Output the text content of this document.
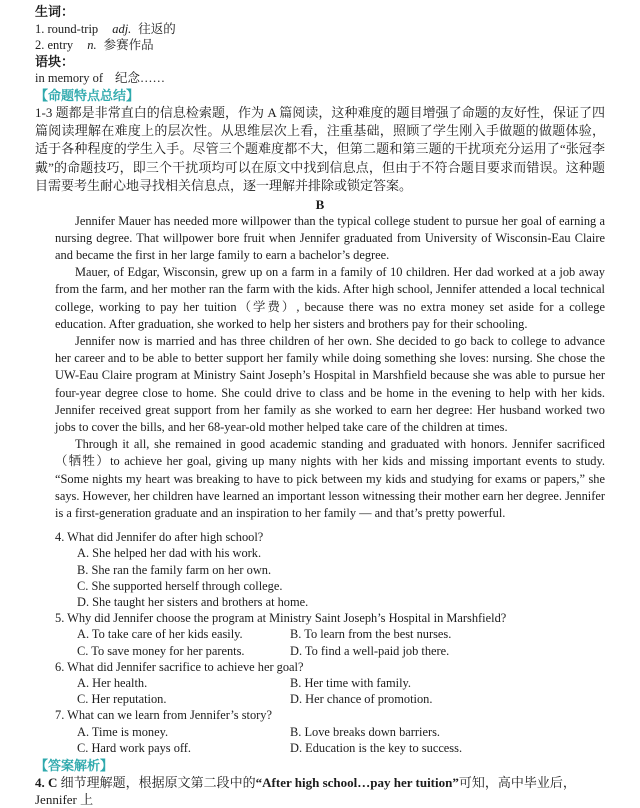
生词：
1. round-trip adj. 往返的
2. entry n. 参赛作品
语块：
in memory of 纪念……
【命题特点总结】
1-3 题都是非常直白的信息检索题，作为 A 篇阅读，这种难度的题目增强了命题的友好性，保证了四篇阅读理解在难度上的层次性。从思维层次上看，注重基础，照顾了学生刚入手做题的做题体验，适于各种程度的学生入手。尽管三个题难度都不大，但第二题和第三题的干扰项充分运用了“张冠李戴”的命题技巧，即三个干扰项均可以在原文中找到信息点，但由于不符合题目要求而错误。这种题目需要考生耐心地寻找相关信息点，逐一理解并排除或锁定答案。
B

Jennifer Mauer has needed more willpower than the typical college student to pursue her goal of earning a nursing degree. That willpower bore fruit when Jennifer graduated from University of Wisconsin-Eau Claire and became the first in her large family to earn a bachelor’s degree.

Mauer, of Edgar, Wisconsin, grew up on a farm in a family of 10 children. Her dad worked at a job away from the farm, and her mother ran the farm with the kids. After high school, Jennifer attended a local technical college, working to pay her tuition（学费）, because there was no extra money set aside for a college education. After graduation, she worked to help her sisters and brothers pay for their schooling.

Jennifer now is married and has three children of her own. She decided to go back to college to advance her career and to be able to better support her family while doing something she loves: nursing. She chose the UW-Eau Claire program at Ministry Saint Joseph’s Hospital in Marshfield because she was able to pursue her four-year degree close to home. She could drive to class and be home in the evening to help with her kids. Jennifer received great support from her family as she worked to earn her degree: Her husband worked two jobs to cover the bills, and her 68-year-old mother helped take care of the children at times.

Through it all, she remained in good academic standing and graduated with honors. Jennifer sacrificed（牺牲）to achieve her goal, giving up many nights with her kids and missing important events to study. “Some nights my heart was breaking to have to pick between my kids and studying for exams or papers,” she says. However, her children have learned an important lesson witnessing their mother earn her degree. Jennifer is a first-generation graduate and an inspiration to her family — and that’s pretty powerful.

4. What did Jennifer do after high school?
A. She helped her dad with his work.
B. She ran the family farm on her own.
C. She supported herself through college.
D. She taught her sisters and brothers at home.
5. Why did Jennifer choose the program at Ministry Saint Joseph’s Hospital in Marshfield?
A. To take care of her kids easily.	B. To learn from the best nurses.
C. To save money for her parents.	D. To find a well-paid job there.
6. What did Jennifer sacrifice to achieve her goal?
A. Her health.	B. Her time with family.
C. Her reputation.	D. Her chance of promotion.
7. What can we learn from Jennifer’s story?
A. Time is money.	B. Love breaks down barriers.
C. Hard work pays off.	D. Education is the key to success.
【答案解析】
4. C 细节理解题，根据原文第二段中的“After high school…pay her tuition”可知，高中毕业后，Jennifer 上
